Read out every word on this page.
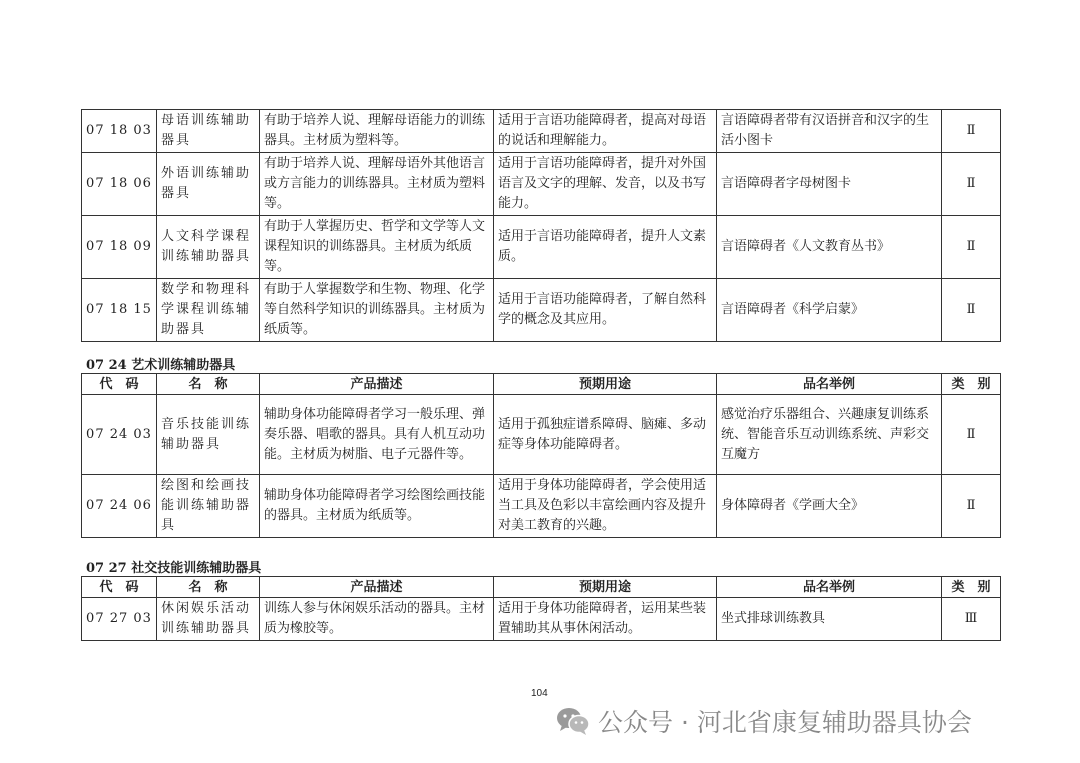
07 18 03	母语训练辅助器具	有助于培养人说、理解母语能力的训练器具。主材质为塑料等。	适用于言语功能障碍者，提高对母语的说话和理解能力。	言语障碍者带有汉语拼音和汉字的生活小图卡	Ⅱ
07 18 06	外语训练辅助器具	有助于培养人说、理解母语外其他语言或方言能力的训练器具。主材质为塑料等。	适用于言语功能障碍者，提升对外国语言及文字的理解、发音，以及书写能力。	言语障碍者字母树图卡	Ⅱ
07 18 09	人文科学课程训练辅助器具	有助于人掌握历史、哲学和文学等人文课程知识的训练器具。主材质为纸质等。	适用于言语功能障碍者，提升人文素质。	言语障碍者《人文教育丛书》	Ⅱ
07 18 15	数学和物理科学课程训练辅助器具	有助于人掌握数学和生物、物理、化学等自然科学知识的训练器具。主材质为纸质等。	适用于言语功能障碍者，了解自然科学的概念及其应用。	言语障碍者《科学启蒙》	Ⅱ
07 24 艺术训练辅助器具
代　码	名　称	产品描述	预期用途	品名举例	类　别
07 24 03	音乐技能训练辅助器具	辅助身体功能障碍者学习一般乐理、弹奏乐器、唱歌的器具。具有人机互动功能。主材质为树脂、电子元器件等。	适用于孤独症谱系障碍、脑瘫、多动症等身体功能障碍者。	感觉治疗乐器组合、兴趣康复训练系统、智能音乐互动训练系统、声彩交互魔方	Ⅱ
07 24 06	绘图和绘画技能训练辅助器具	辅助身体功能障碍者学习绘图绘画技能的器具。主材质为纸质等。	适用于身体功能障碍者，学会使用适当工具及色彩以丰富绘画内容及提升对美工教育的兴趣。	身体障碍者《学画大全》	Ⅱ
07 27 社交技能训练辅助器具
代　码	名　称	产品描述	预期用途	品名举例	类　别
07 27 03	休闲娱乐活动训练辅助器具	训练人参与休闲娱乐活动的器具。主材质为橡胶等。	适用于身体功能障碍者，运用某些装置辅助其从事休闲活动。	坐式排球训练教具	Ⅲ
104
公众号 · 河北省康复辅助器具协会
